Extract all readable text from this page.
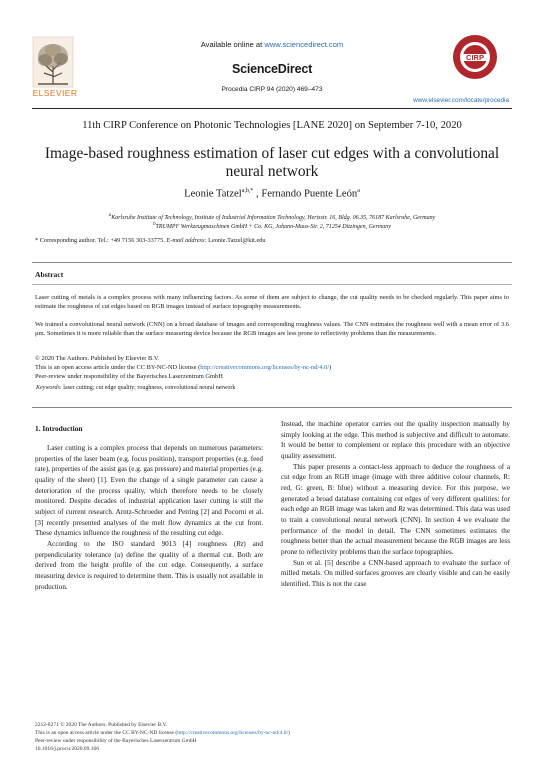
ELSEVIER
Available online at www.sciencedirect.com
ScienceDirect
Procedia CIRP 94 (2020) 469–473
CIRP
www.elsevier.com/locate/procedia
11th CIRP Conference on Photonic Technologies [LANE 2020] on September 7-10, 2020
Image-based roughness estimation of laser cut edges with a convolutional neural network
Leonie Tatzel$^{a,b,*}$ , Fernando Puente León$^a$
$^a$Karlsruhe Institute of Technology, Institute of Industrial Information Technology, Hertzstr. 16, Bldg. 06.35, 76187 Karlsruhe, Germany
$^b$TRUMPF Werkzeugmaschinen GmbH + Co. KG, Johann-Maus-Str. 2, 71254 Ditzingen, Germany
* Corresponding author. Tel.: +49 7156 303-33775. E-mail address: Leonie.Tatzel@kit.edu
Abstract
Laser cutting of metals is a complex process with many influencing factors. As some of them are subject to change, the cut quality needs to be checked regularly. This paper aims to estimate the roughness of cut edges based on RGB images instead of surface topography measurements.
We trained a convolutional neural network (CNN) on a broad database of images and corresponding roughness values. The CNN estimates the roughness well with a mean error of 3.6 µm. Sometimes it is more reliable than the surface measuring device because the RGB images are less prone to reflectivity problems than the measurements.
© 2020 The Authors. Published by Elsevier B.V.
This is an open access article under the CC BY-NC-ND license (http://creativecommons.org/licenses/by-nc-nd/4.0/)
Peer-review under responsibility of the Bayerisches Laserzentrum GmbH
Keywords: laser cutting; cut edge quality; roughness, convolutional neural network
1. Introduction

Laser cutting is a complex process that depends on numerous parameters: properties of the laser beam (e.g. focus position), transport properties (e.g. feed rate), properties of the assist gas (e.g. gas pressure) and material properties (e.g. quality of the sheet) [1]. Even the change of a single parameter can cause a deterioration of the process quality, which therefore needs to be closely monitored. Despite decades of industrial application laser cutting is still the subject of current research. Arntz-Schroeder and Petring [2] and Pocorni et al. [3] recently presented analyses of the melt flow dynamics at the cut front. These dynamics influence the roughness of the resulting cut edge.

According to the ISO standard 9013 [4] roughness (Rz) and perpendicularity tolerance (u) define the quality of a thermal cut. Both are derived from the height profile of the cut edge. Consequently, a surface measuring device is required to determine them. This is usually not available in production.

Instead, the machine operator carries out the quality inspection manually by simply looking at the edge. This method is subjective and difficult to automate. It would be better to complement or replace this procedure with an objective quality assessment.

This paper presents a contact-less approach to deduce the roughness of a cut edge from an RGB image (image with three additive colour channels, R: red, G: green, B: blue) without a measuring device. For this purpose, we generated a broad database containing cut edges of very different qualities: for each edge an RGB image was taken and Rz was determined. This data was used to train a convolutional neural network (CNN). In section 4 we evaluate the performance of the model in detail. The CNN sometimes estimates the roughness better than the actual measurement because the RGB images are less prone to reflectivity problems than the surface topographies.

Sun et al. [5] describe a CNN-based approach to evaluate the surface of milled metals. On milled surfaces grooves are clearly visible and can be easily identified. This is not the case

2212-8271 © 2020 The Authors. Published by Elsevier B.V.
This is an open access article under the CC BY-NC-ND license (http://creativecommons.org/licenses/by-nc-nd/4.0/)
Peer-review under responsibility of the Bayerisches Laserzentrum GmbH
10.1016/j.procir.2020.09.166
